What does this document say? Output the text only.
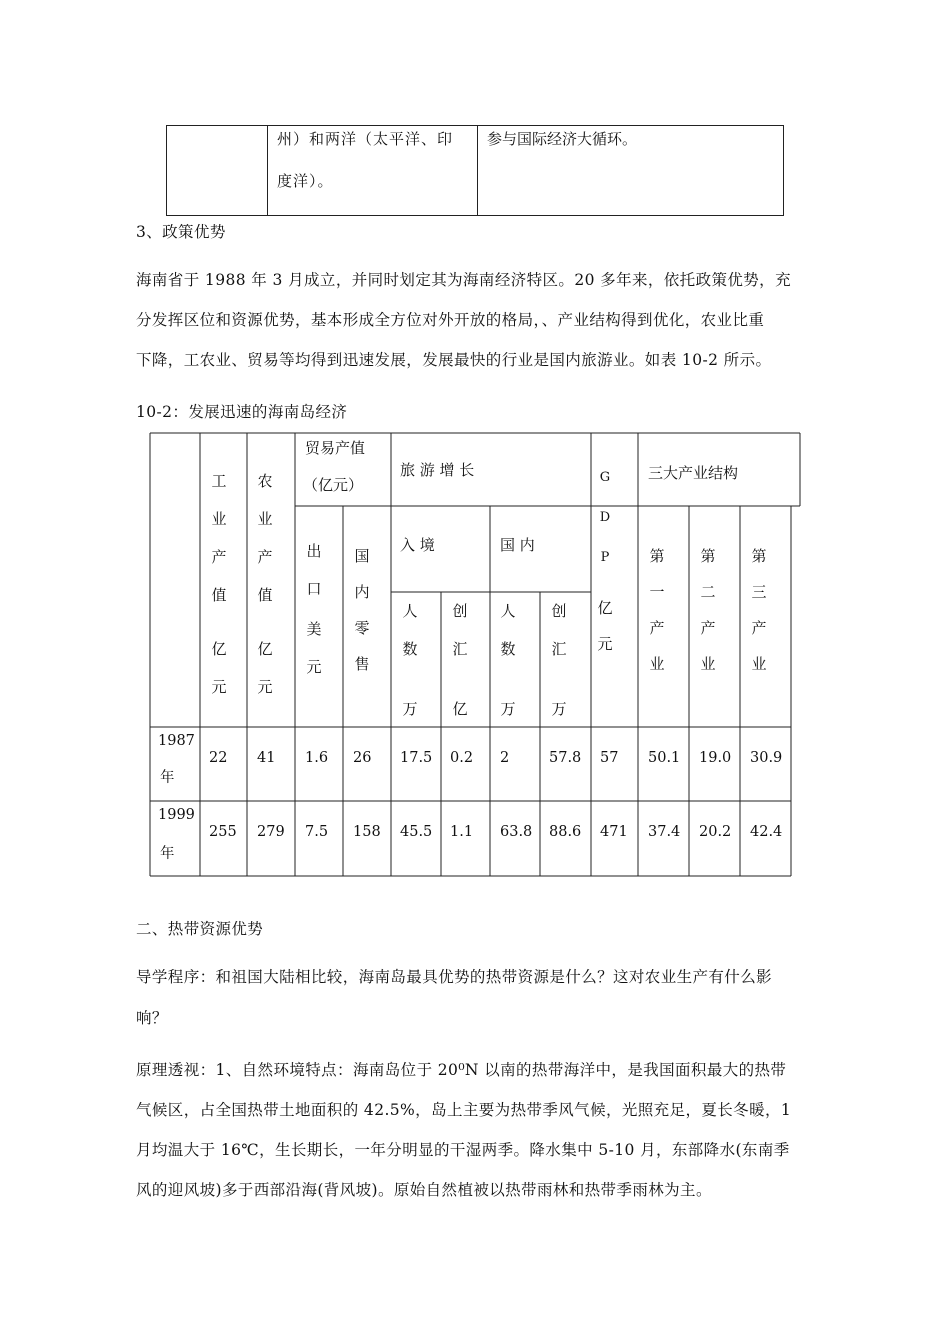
州）和两洋（太平洋、印
度洋）。
参与国际经济大循环。
3、政策优势
海南省于 1988 年 3 月成立，并同时划定其为海南经济特区。20 多年来，依托政策优势，充
分发挥区位和资源优势，基本形成全方位对外开放的格局，、产业结构得到优化，农业比重
下降，工农业、贸易等均得到迅速发展，发展最快的行业是国内旅游业。如表 10-2 所示。
10-2：发展迅速的海南岛经济
工
业
产
值
亿
元
农
业
产
值
亿
元
贸易产值
（亿元）
出
口
美
元
国
内
零
售
旅 游 增 长
入 境	国 内
人
数
万
创
汇
亿
人
数
万
创
汇
万
G
D
P
亿
元
三大产业结构
第
一
产
业
第
二
产
业
第
三
产
业
1987
年
22 41 1.6 26 17.5 0.2 2	57.8 57 50.1 19.0 30.9
1999
年
255 279 7.5 158 45.5 1.1 63.8 88.6 471 37.4 20.2 42.4
二、热带资源优势
导学程序：和祖国大陆相比较，海南岛最具优势的热带资源是什么？这对农业生产有什么影
响？
原理透视：1、自然环境特点：海南岛位于 20⁰N 以南的热带海洋中，是我国面积最大的热带
气候区，占全国热带土地面积的 42.5%，岛上主要为热带季风气候，光照充足，夏长冬暖，1
月均温大于 16℃，生长期长，一年分明显的干湿两季。降水集中 5-10 月，东部降水(东南季
风的迎风坡)多于西部沿海(背风坡)。原始自然植被以热带雨林和热带季雨林为主。
